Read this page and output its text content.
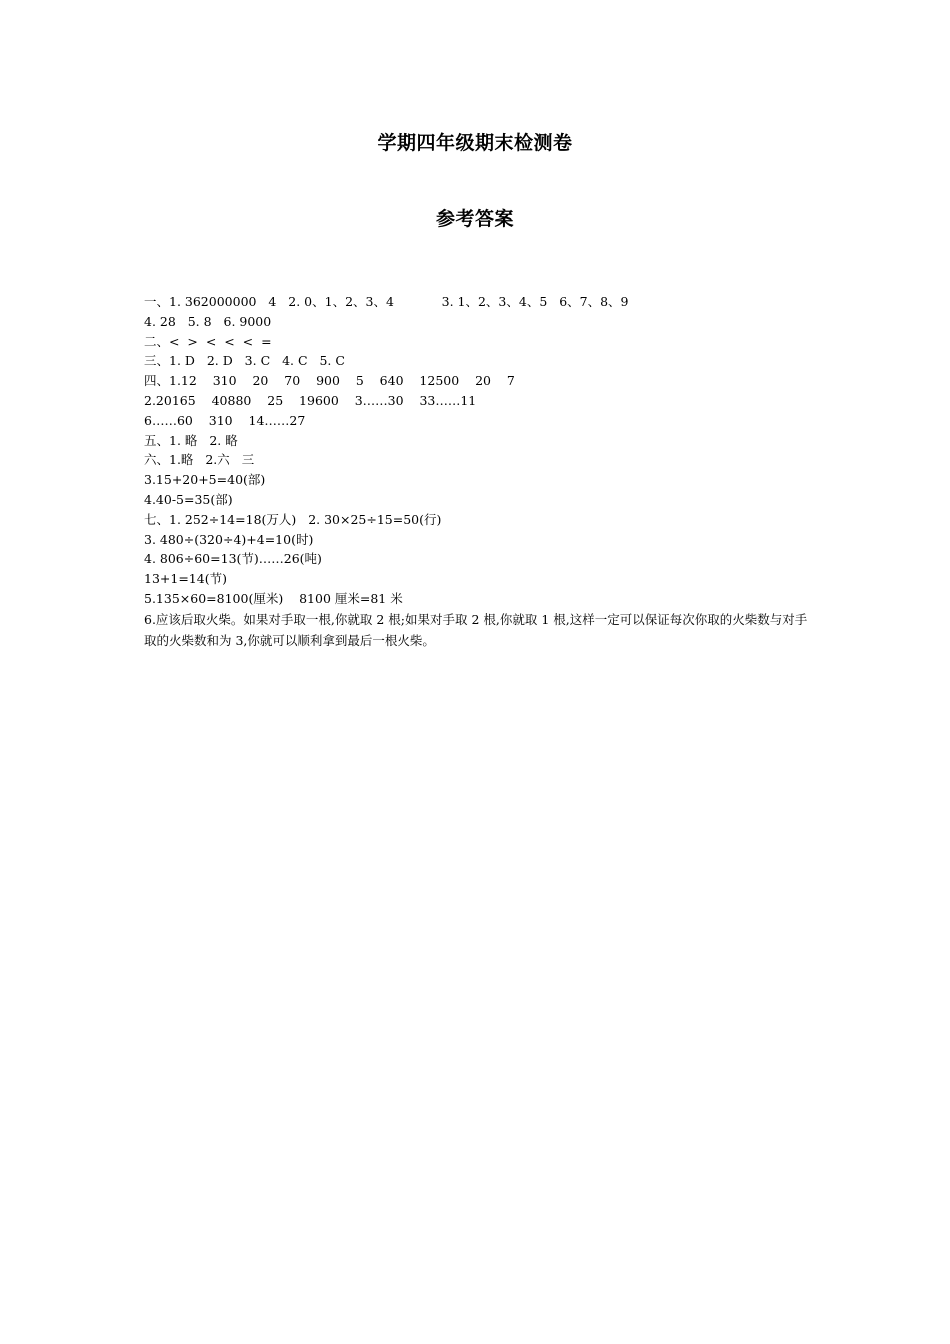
学期四年级期末检测卷
参考答案
一、1. 362000000   4   2. 0、1、2、3、4            3. 1、2、3、4、5   6、7、8、9
4. 28   5. 8   6. 9000
二、<  >  <  <  <  =
三、1. D   2. D   3. C   4. C   5. C
四、1.12    310    20    70    900    5    640    12500    20    7
2.20165    40880    25    19600    3……30    33……11
6……60    310    14……27
五、1. 略   2. 略
六、1.略   2.六   三
3.15+20+5=40(部)
4.40-5=35(部)
七、1. 252÷14=18(万人)   2. 30×25÷15=50(行)
3. 480÷(320÷4)+4=10(时)
4. 806÷60=13(节)……26(吨)
13+1=14(节)
5.135×60=8100(厘米)    8100 厘米=81 米
6.应该后取火柴。如果对手取一根,你就取 2 根;如果对手取 2 根,你就取 1 根,这样一定可以保证每次你取的火柴数与对手取的火柴数和为 3,你就可以顺利拿到最后一根火柴。
